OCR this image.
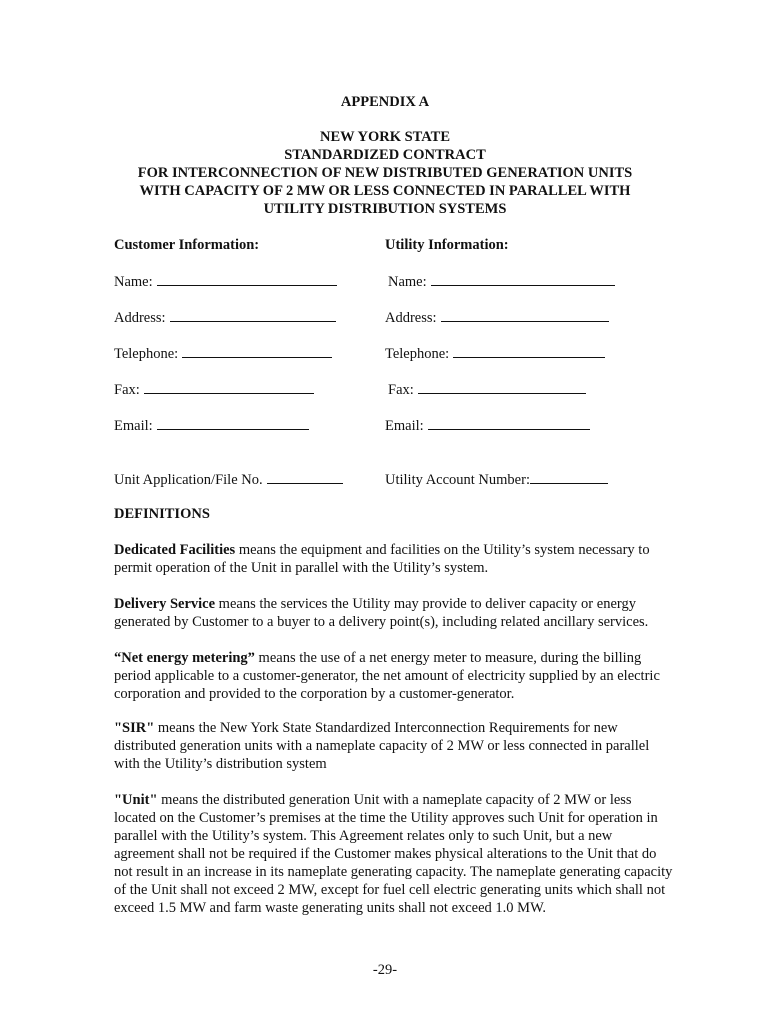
APPENDIX A
NEW YORK STATE
STANDARDIZED CONTRACT
FOR INTERCONNECTION OF NEW DISTRIBUTED GENERATION UNITS
WITH CAPACITY OF 2 MW OR LESS CONNECTED IN PARALLEL WITH
UTILITY DISTRIBUTION SYSTEMS
Customer Information:
Name:
Address:
Telephone:
Fax:
Email:
Unit Application/File No.
Utility Information:
Name:
Address:
Telephone:
Fax:
Email:
Utility Account Number:
DEFINITIONS
Dedicated Facilities means the equipment and facilities on the Utility’s system necessary to permit operation of the Unit in parallel with the Utility’s system.
Delivery Service means the services the Utility may provide to deliver capacity or energy generated by Customer to a buyer to a delivery point(s), including related ancillary services.
“Net energy metering” means the use of a net energy meter to measure, during the billing period applicable to a customer-generator, the net amount of electricity supplied by an electric corporation and provided to the corporation by a customer-generator.
"SIR" means the New York State Standardized Interconnection Requirements for new distributed generation units with a nameplate capacity of 2 MW or less connected in parallel with the Utility’s distribution system
"Unit" means the distributed generation Unit with a nameplate capacity of 2 MW or less located on the Customer’s premises at the time the Utility approves such Unit for operation in parallel with the Utility’s system. This Agreement relates only to such Unit, but a new agreement shall not be required if the Customer makes physical alterations to the Unit that do not result in an increase in its nameplate generating capacity. The nameplate generating capacity of the Unit shall not exceed 2 MW, except for fuel cell electric generating units which shall not exceed 1.5 MW and farm waste generating units shall not exceed 1.0 MW.
-29-
